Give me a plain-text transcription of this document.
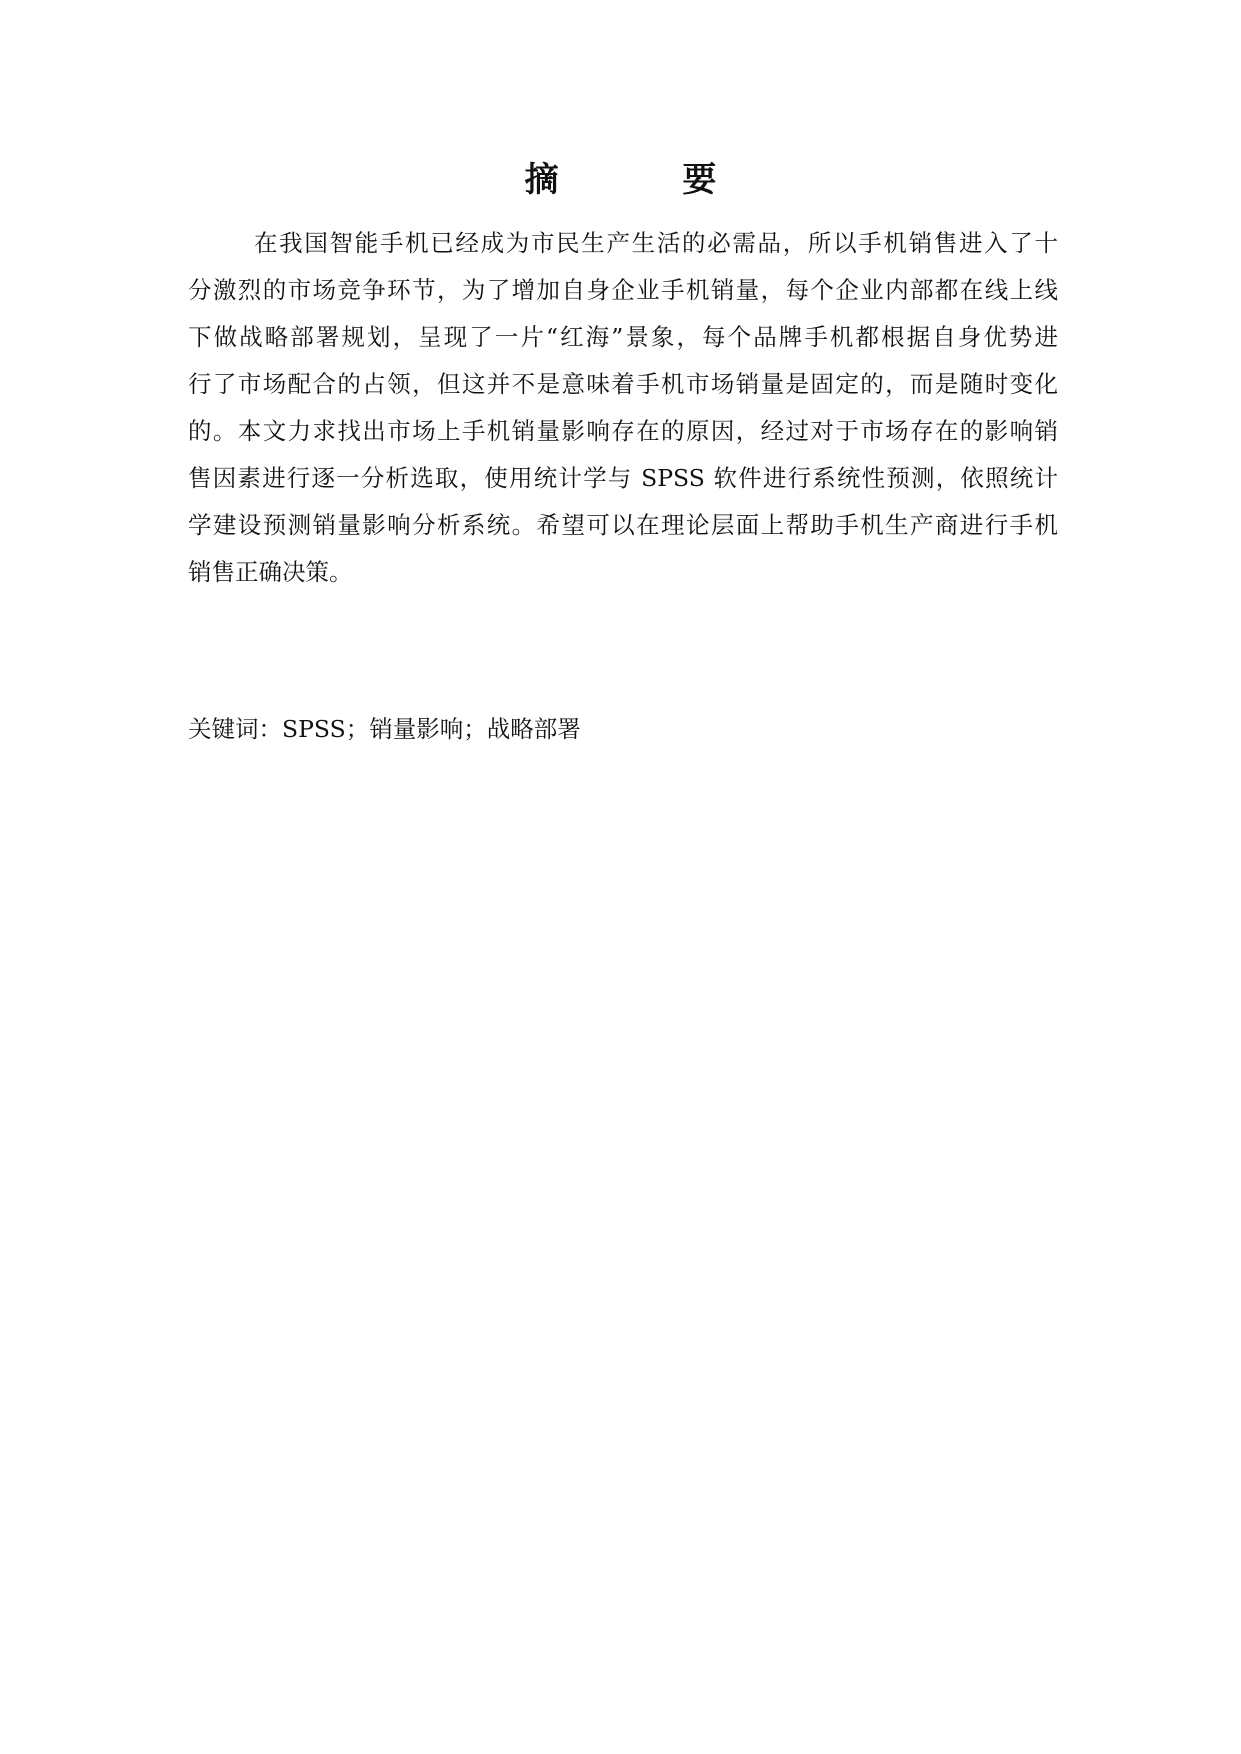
摘 要
在我国智能手机已经成为市民生产生活的必需品，所以手机销售进入了十
分激烈的市场竞争环节，为了增加自身企业手机销量，每个企业内部都在线上线
下做战略部署规划，呈现了一片“红海”景象，每个品牌手机都根据自身优势进
行了市场配合的占领，但这并不是意味着手机市场销量是固定的，而是随时变化
的。本文力求找出市场上手机销量影响存在的原因，经过对于市场存在的影响销
售因素进行逐一分析选取，使用统计学与 SPSS 软件进行系统性预测，依照统计
学建设预测销量影响分析系统。希望可以在理论层面上帮助手机生产商进行手机
销售正确决策。
关键词：SPSS；销量影响；战略部署
